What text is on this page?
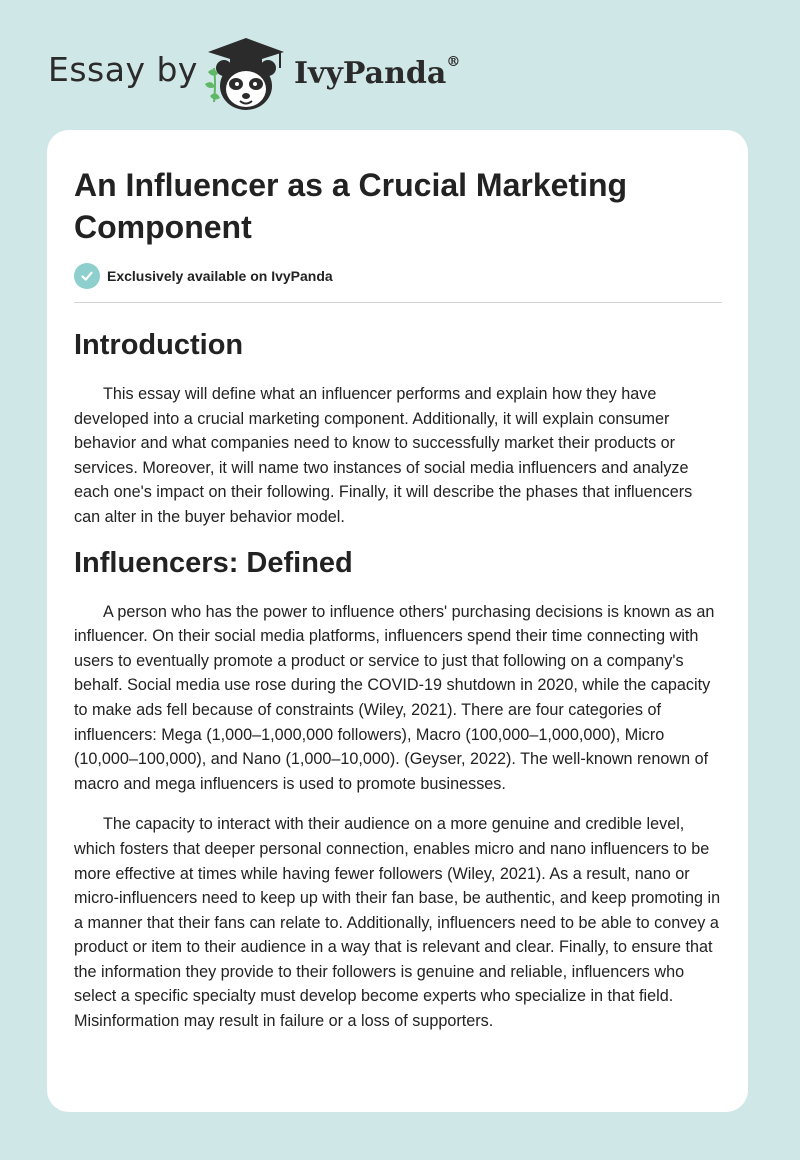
Essay by	IvyPanda®
An Influencer as a Crucial Marketing Component
Exclusively available on IvyPanda
Introduction

This essay will define what an influencer performs and explain how they have developed into a crucial marketing component. Additionally, it will explain consumer behavior and what companies need to know to successfully market their products or services. Moreover, it will name two instances of social media influencers and analyze each one's impact on their following. Finally, it will describe the phases that influencers can alter in the buyer behavior model.

Influencers: Defined

A person who has the power to influence others' purchasing decisions is known as an influencer. On their social media platforms, influencers spend their time connecting with users to eventually promote a product or service to just that following on a company's behalf. Social media use rose during the COVID-19 shutdown in 2020, while the capacity to make ads fell because of constraints (Wiley, 2021). There are four categories of influencers: Mega (1,000–1,000,000 followers), Macro (100,000–1,000,000), Micro (10,000–100,000), and Nano (1,000–10,000). (Geyser, 2022). The well-known renown of macro and mega influencers is used to promote businesses.

The capacity to interact with their audience on a more genuine and credible level, which fosters that deeper personal connection, enables micro and nano influencers to be more effective at times while having fewer followers (Wiley, 2021). As a result, nano or micro-influencers need to keep up with their fan base, be authentic, and keep promoting in a manner that their fans can relate to. Additionally, influencers need to be able to convey a product or item to their audience in a way that is relevant and clear. Finally, to ensure that the information they provide to their followers is genuine and reliable, influencers who select a specific specialty must develop become experts who specialize in that field. Misinformation may result in failure or a loss of supporters.
